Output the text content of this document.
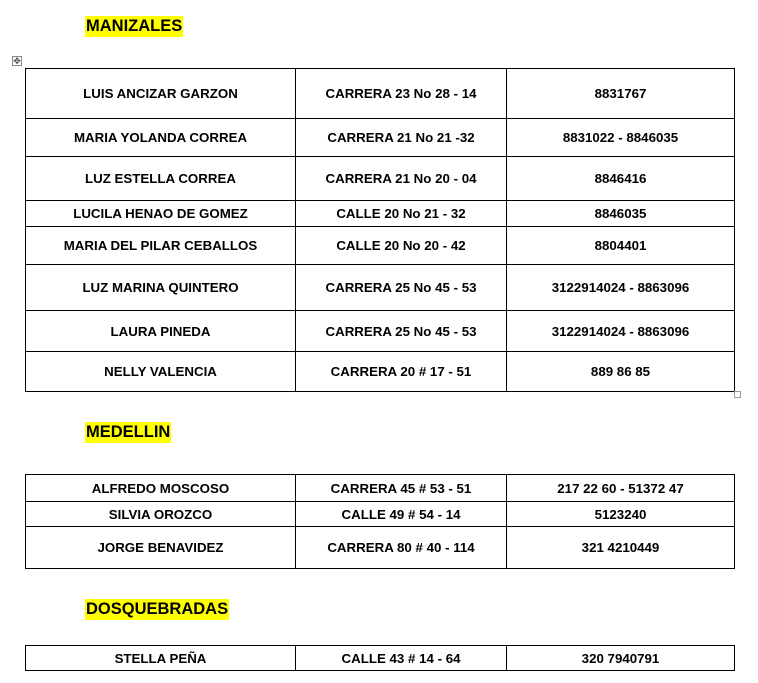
MANIZALES
✥
LUIS ANCIZAR GARZON	CARRERA 23 No 28 - 14	8831767
MARIA YOLANDA CORREA	CARRERA 21 No 21 -32	8831022 - 8846035
LUZ ESTELLA CORREA	CARRERA 21 No 20 - 04	8846416
LUCILA HENAO DE GOMEZ	CALLE 20 No 21 - 32	8846035
MARIA DEL PILAR CEBALLOS	CALLE 20 No 20 - 42	8804401
LUZ MARINA QUINTERO	CARRERA 25 No 45 - 53	3122914024 - 8863096
LAURA PINEDA	CARRERA 25 No 45 - 53	3122914024 - 8863096
NELLY VALENCIA	CARRERA 20 # 17 - 51	889 86 85
MEDELLIN
ALFREDO MOSCOSO	CARRERA 45 # 53 - 51	217 22 60 - 51372 47
SILVIA OROZCO	CALLE 49 # 54 - 14	5123240
JORGE BENAVIDEZ	CARRERA 80 # 40 - 114	321 4210449
DOSQUEBRADAS
STELLA PEÑA	CALLE 43 # 14 - 64	320 7940791
